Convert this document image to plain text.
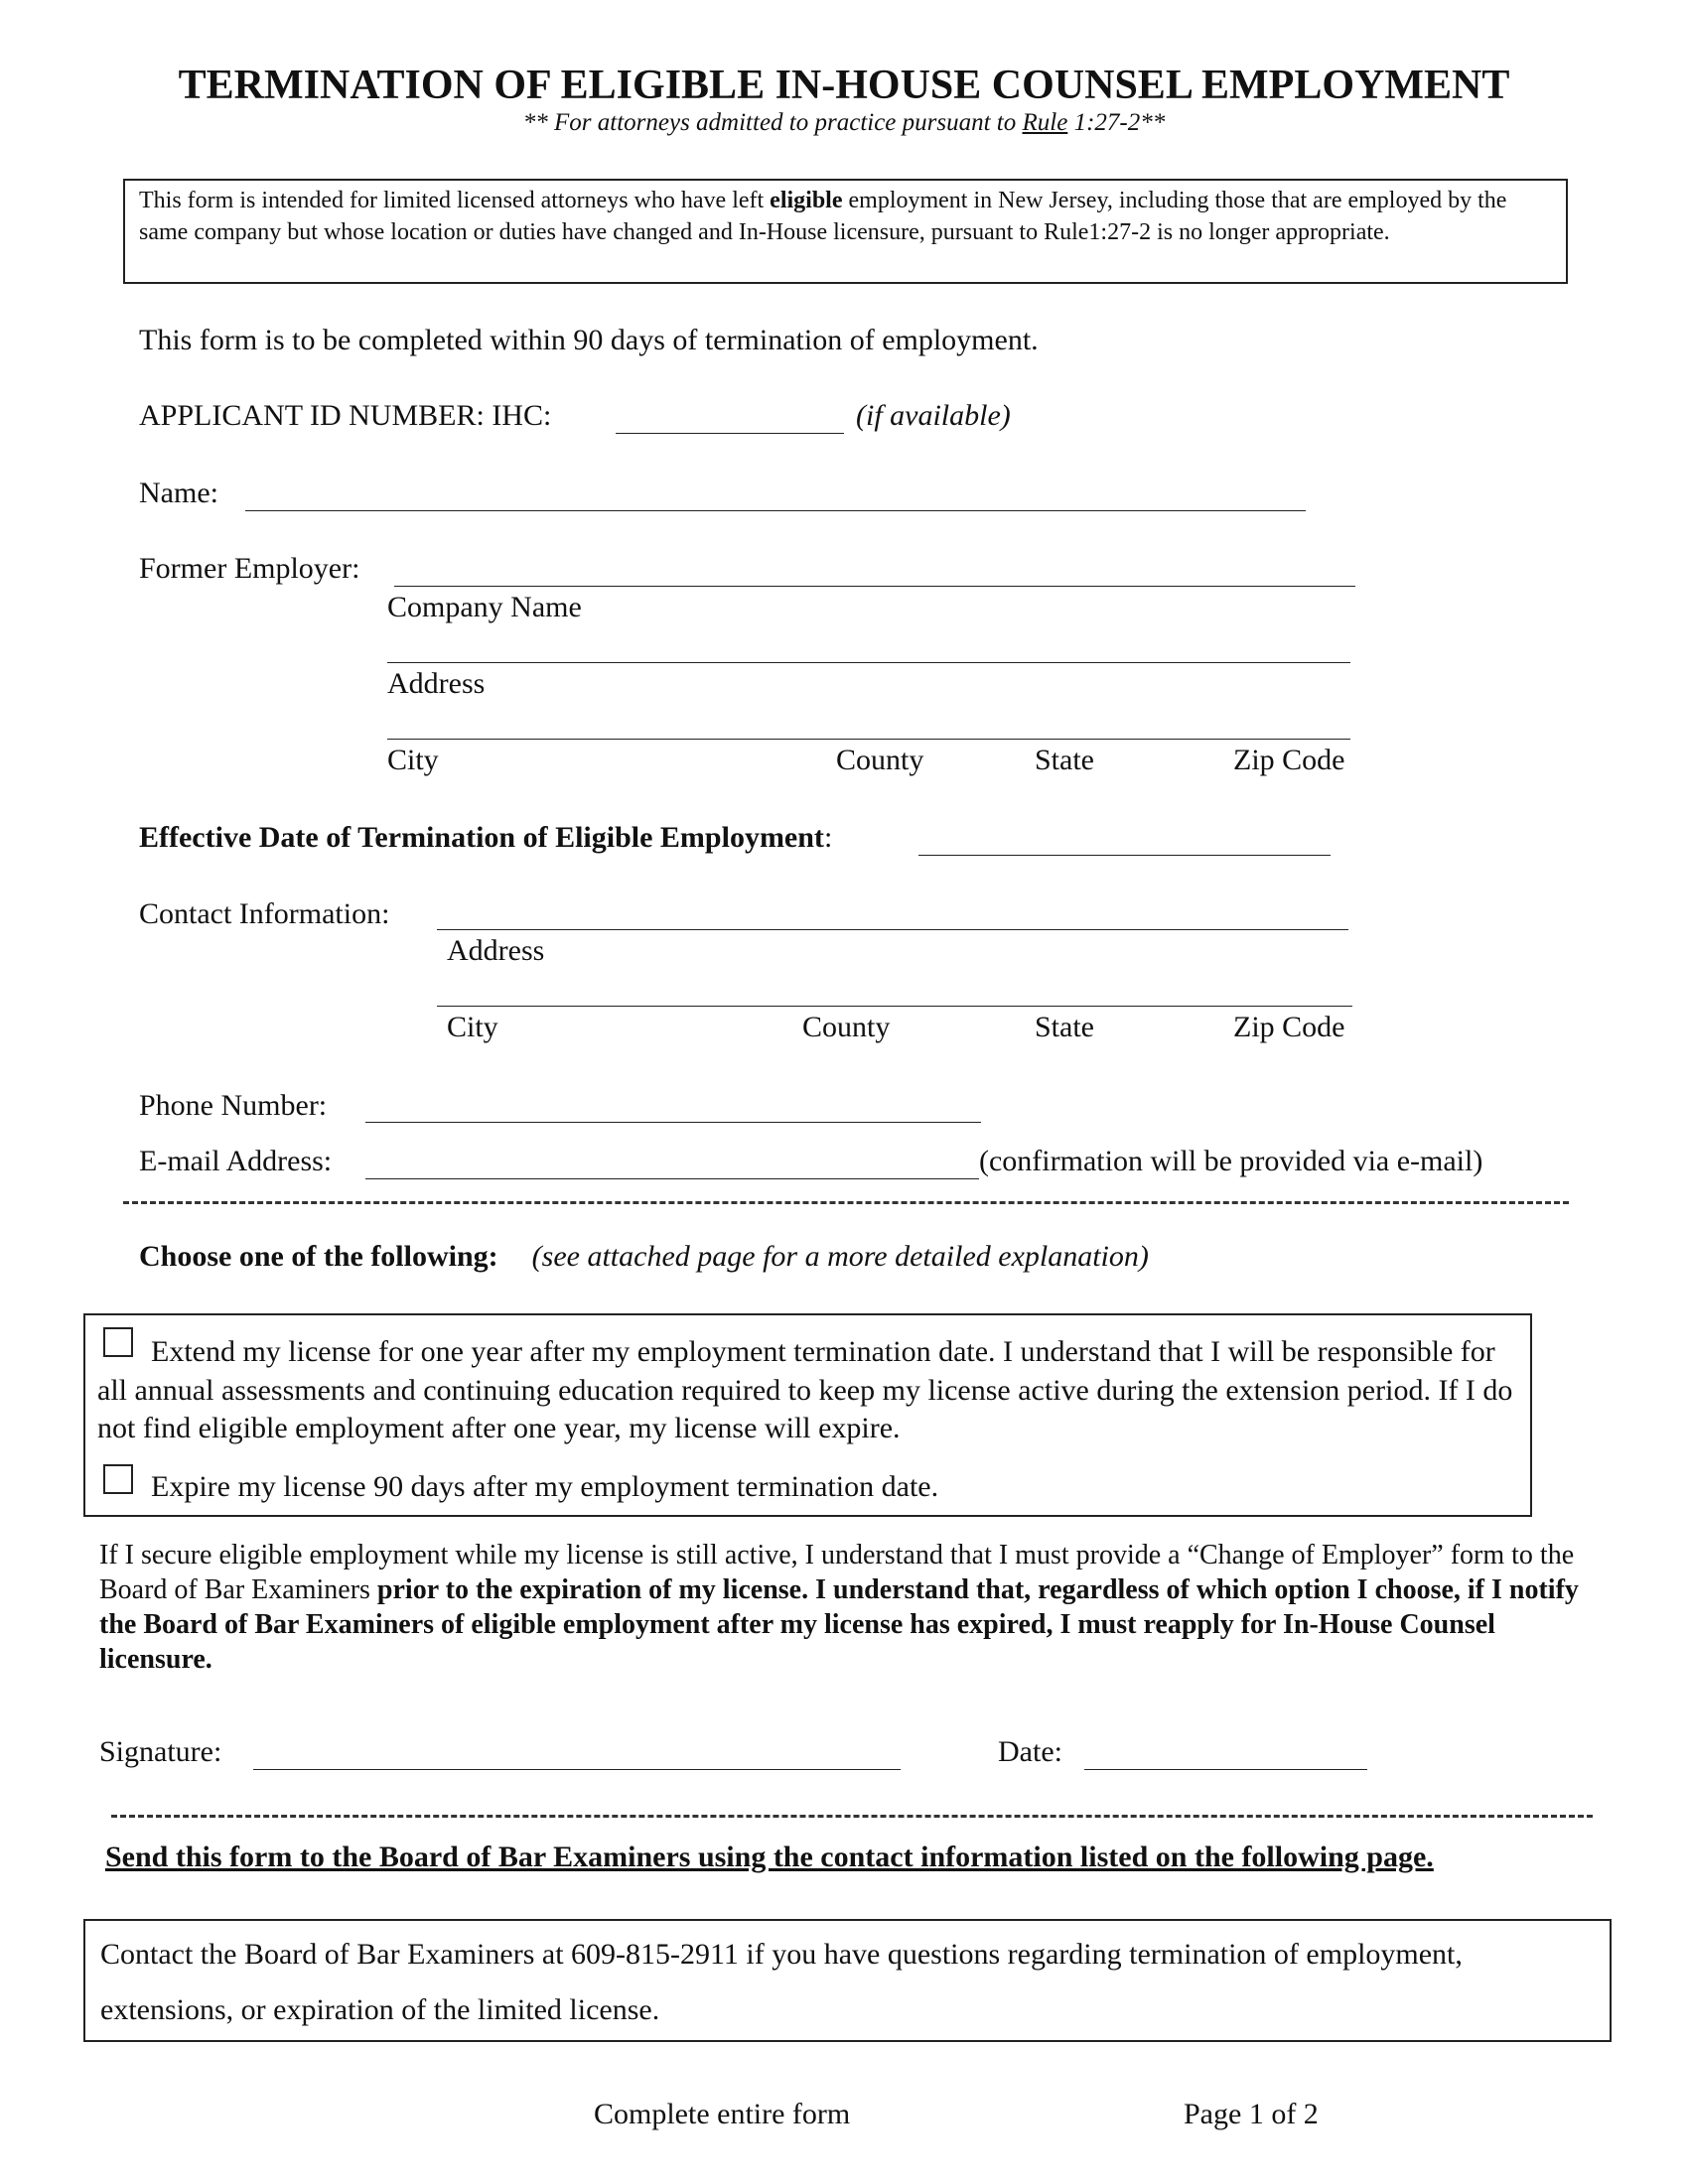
TERMINATION OF ELIGIBLE IN-HOUSE COUNSEL EMPLOYMENT
** For attorneys admitted to practice pursuant to Rule 1:27-2**
This form is intended for limited licensed attorneys who have left eligible employment in New Jersey, including those that are employed by the same company but whose location or duties have changed and In-House licensure, pursuant to Rule1:27-2 is no longer appropriate.
This form is to be completed within 90 days of termination of employment.
APPLICANT ID NUMBER: IHC:	(if available)
Name:
Former Employer:
Company Name
Address
City	County	State	Zip Code
Effective Date of Termination of Eligible Employment:
Contact Information:
Address
City	County	State	Zip Code
Phone Number:
E-mail Address:	(confirmation will be provided via e-mail)
Choose one of the following: (see attached page for a more detailed explanation)
Extend my license for one year after my employment termination date. I understand that I will be responsible for all annual assessments and continuing education required to keep my license active during the extension period. If I do not find eligible employment after one year, my license will expire.
Expire my license 90 days after my employment termination date.
If I secure eligible employment while my license is still active, I understand that I must provide a “Change of Employer” form to the Board of Bar Examiners prior to the expiration of my license. I understand that, regardless of which option I choose, if I notify the Board of Bar Examiners of eligible employment after my license has expired, I must reapply for In-House Counsel licensure.
Signature:	Date:
Send this form to the Board of Bar Examiners using the contact information listed on the following page.
Contact the Board of Bar Examiners at 609-815-2911 if you have questions regarding termination of employment, extensions, or expiration of the limited license.
Complete entire form	Page 1 of 2
